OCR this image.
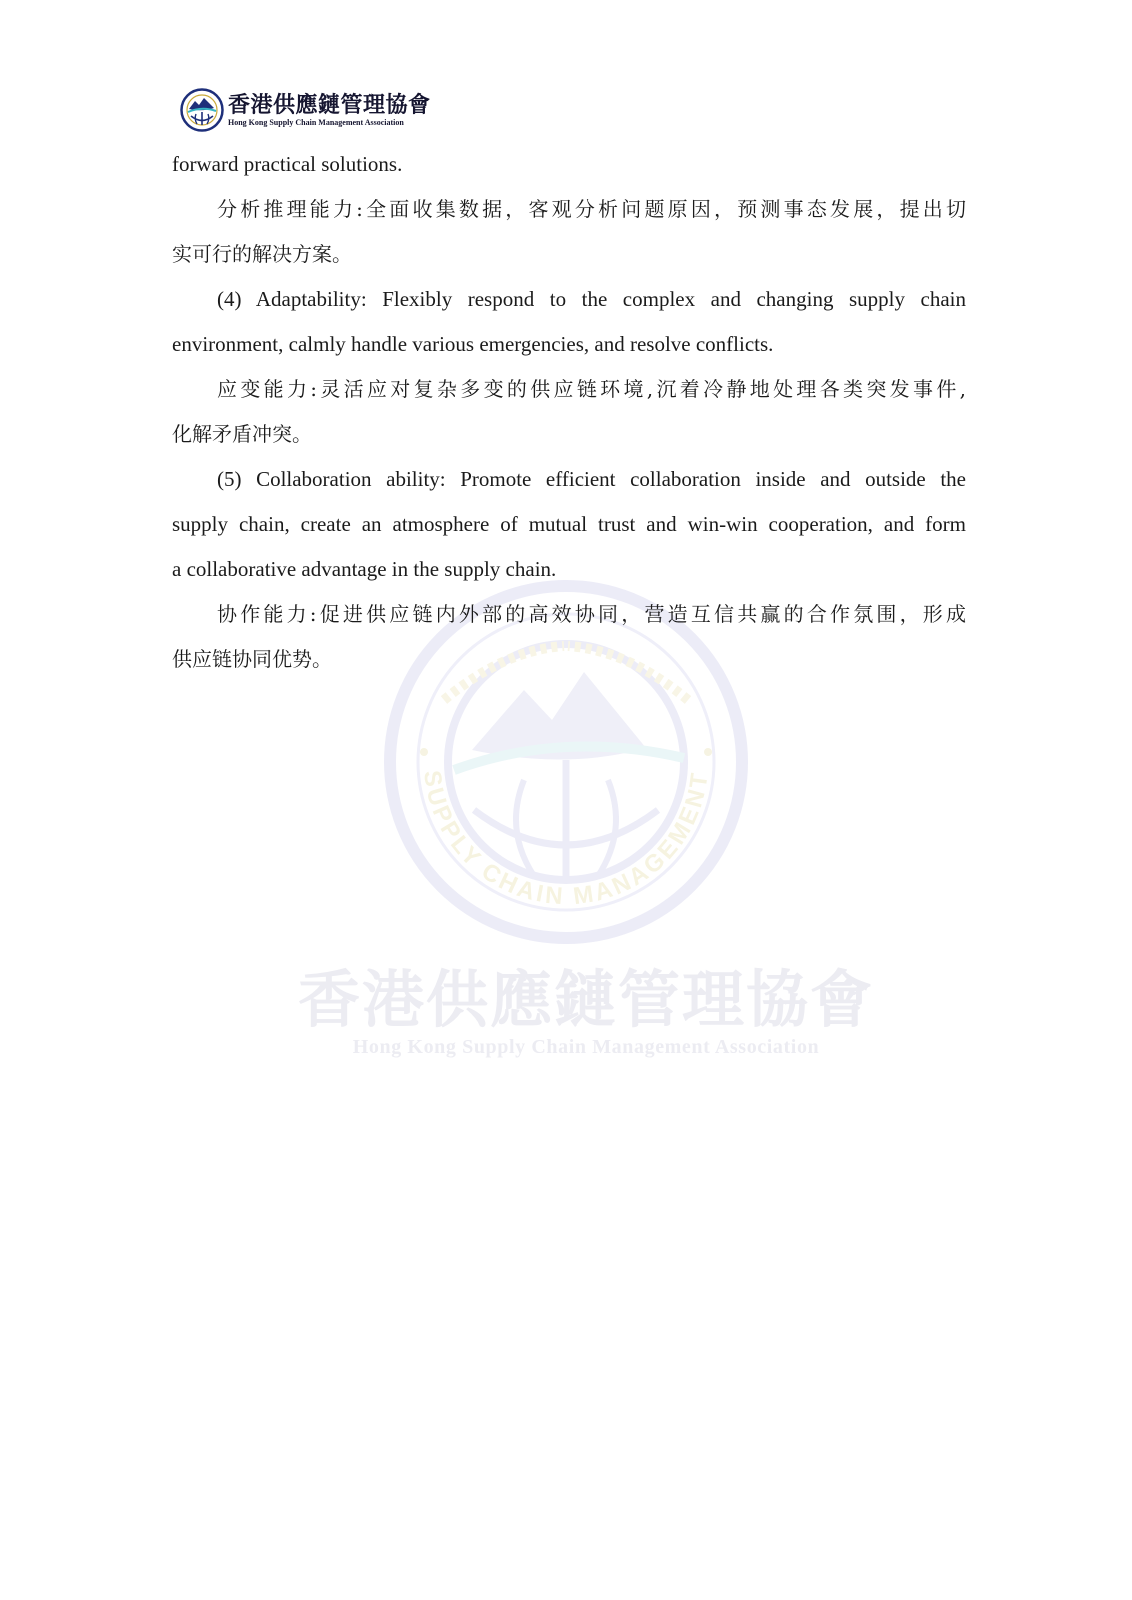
SUPPLY CHAIN MANAGEMENT
香港供應鏈管理協會
Hong Kong Supply Chain Management Association
香港供應鏈管理協會
Hong Kong Supply Chain Management Association
forward practical solutions.
分析推理能力:全面收集数据，客观分析问题原因，预测事态发展，提出切
实可行的解决方案。
(4) Adaptability: Flexibly respond to the complex and changing supply chain
environment, calmly handle various emergencies, and resolve conflicts.
应变能力:灵活应对复杂多变的供应链环境,沉着冷静地处理各类突发事件,
化解矛盾冲突。
(5) Collaboration ability: Promote efficient collaboration inside and outside the
supply chain, create an atmosphere of mutual trust and win-win cooperation, and form
a collaborative advantage in the supply chain.
协作能力:促进供应链内外部的高效协同，营造互信共赢的合作氛围，形成
供应链协同优势。
